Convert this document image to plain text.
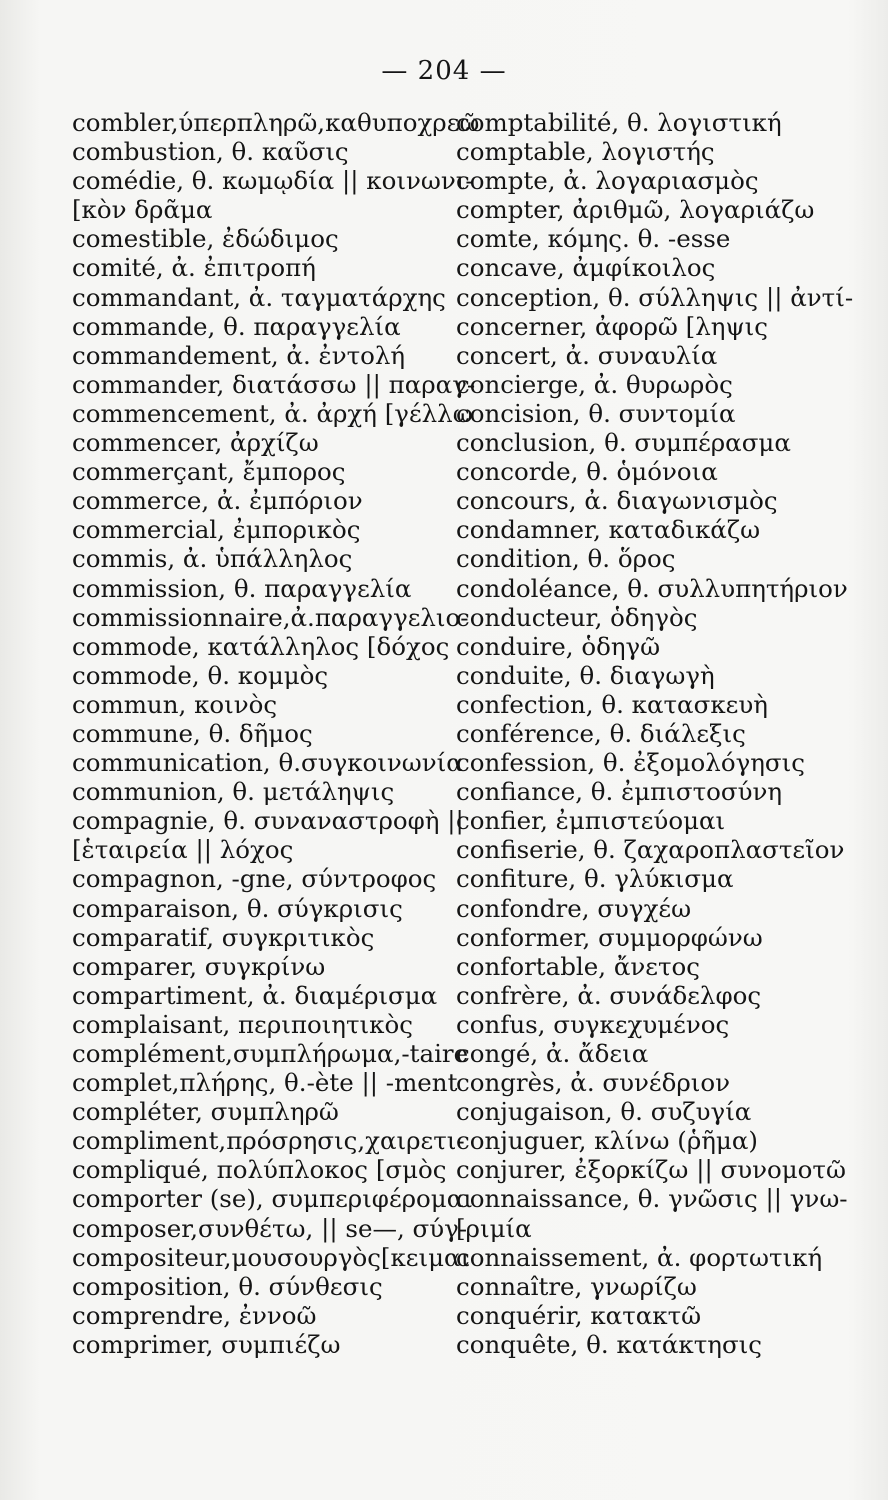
— 204 —
combler,ύπερπληρῶ,καθυποχρεῶ
combustion, θ. καῦσις
comédie, θ. κωμῳδία || κοινωνι-
[κὸν δρᾶμα
comestible, ἐδώδιμος
comité, ἀ. ἐπιτροπή
commandant, ἀ. ταγματάρχης
commande, θ. παραγγελία
commandement, ἀ. ἐντολή
commander, διατάσσω || παραγ-
commencement, ἀ. ἀρχή [γέλλω
commencer, ἀρχίζω
commerçant, ἔμπορος
commerce, ἀ. ἐμπόριον
commercial, ἐμπορικὸς
commis, ἀ. ὑπάλληλος
commission, θ. παραγγελία
commissionnaire,ἀ.παραγγελιο-
commode, κατάλληλος [δόχος
commode, θ. κομμὸς
commun, κοινὸς
commune, θ. δῆμος
communication, θ.συγκοινωνία
communion, θ. μετάληψις
compagnie, θ. συναναστροφὴ ||
[ἑταιρεία || λόχος
compagnon, -gne, σύντροφος
comparaison, θ. σύγκρισις
comparatif, συγκριτικὸς
comparer, συγκρίνω
compartiment, ἀ. διαμέρισμα
complaisant, περιποιητικὸς
complément,συμπλήρωμα,-taire
complet,πλήρης, θ.-ète || -ment
compléter, συμπληρῶ
compliment,πρόσρησις,χαιρετι-
compliqué, πολύπλοκος [σμὸς
comporter (se), συμπεριφέρομαι
composer,συνθέτω, || se—, σύγ-
compositeur,μουσουργὸς[κειμαι
composition, θ. σύνθεσις
comprendre, ἐννοῶ
comprimer, συμπιέζω
comptabilité, θ. λογιστική
comptable, λογιστής
compte, ἀ. λογαριασμὸς
compter, ἀριθμῶ, λογαριάζω
comte, κόμης. θ. -esse
concave, ἀμφίκοιλος
conception, θ. σύλληψις || ἀντί-
concerner, ἀφορῶ [ληψις
concert, ἀ. συναυλία
concierge, ἀ. θυρωρὸς
concision, θ. συντομία
conclusion, θ. συμπέρασμα
concorde, θ. ὁμόνοια
concours, ἀ. διαγωνισμὸς
condamner, καταδικάζω
condition, θ. ὅρος
condoléance, θ. συλλυπητήριον
conducteur, ὁδηγὸς
conduire, ὁδηγῶ
conduite, θ. διαγωγὴ
confection, θ. κατασκευὴ
conférence, θ. διάλεξις
confession, θ. ἐξομολόγησις
confiance, θ. ἐμπιστοσύνη
confier, ἐμπιστεύομαι
confiserie, θ. ζαχαροπλαστεῖον
confiture, θ. γλύκισμα
confondre, συγχέω
conformer, συμμορφώνω
confortable, ἄνετος
confrère, ἀ. συνάδελφος
confus, συγκεχυμένος
congé, ἀ. ἄδεια
congrès, ἀ. συνέδριον
conjugaison, θ. συζυγία
conjuguer, κλίνω (ῥῆμα)
conjurer, ἐξορκίζω || συνομοτῶ
connaissance, θ. γνῶσις || γνω-
[ριμία
connaissement, ἀ. φορτωτική
connaître, γνωρίζω
conquérir, κατακτῶ
conquête, θ. κατάκτησις
